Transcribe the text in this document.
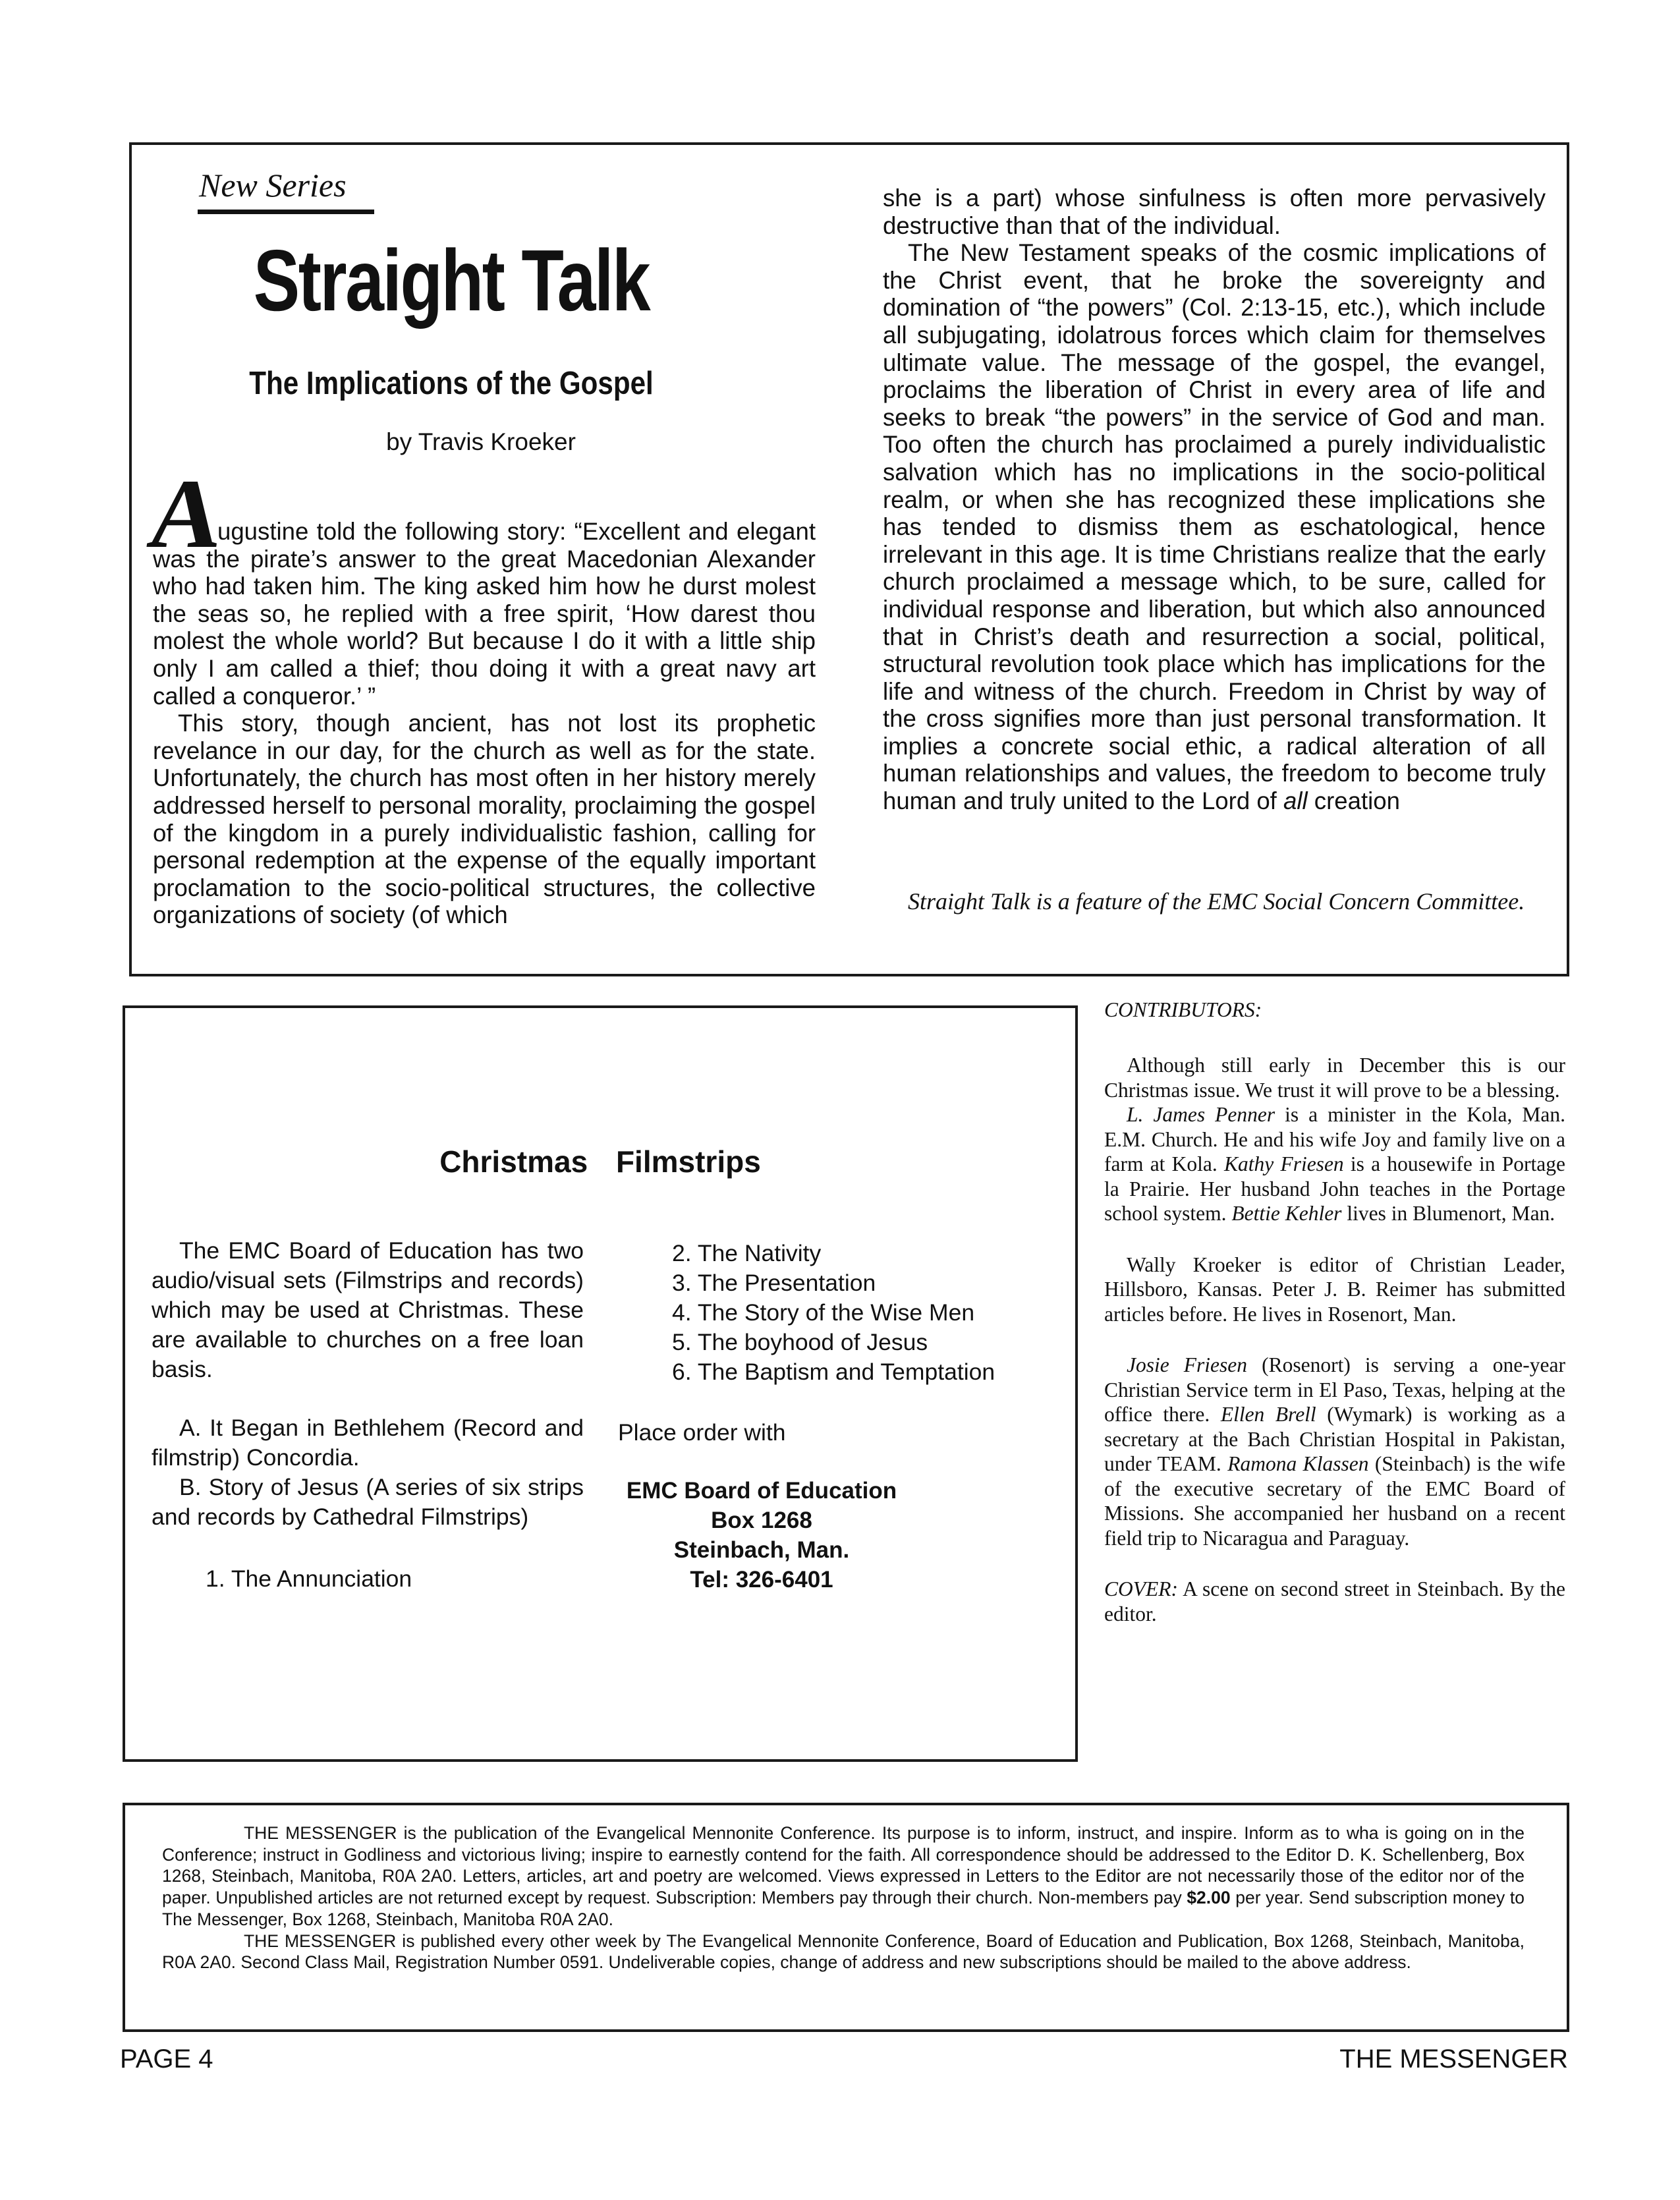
New Series
Straight Talk
The Implications of the Gospel
by Travis Kroeker
A

ugustine told the following story: “Excellent and elegant was the pirate’s answer to the great Macedonian Alexander who had taken him. The king asked him how he durst molest the seas so, he replied with a free spirit, ‘How darest thou molest the whole world? But because I do it with a little ship only I am called a thief; thou doing it with a great navy art called a conqueror.’ ”

This story, though ancient, has not lost its prophetic revelance in our day, for the church as well as for the state. Unfortunately, the church has most often in her history merely addressed herself to personal morality, proclaiming the gospel of the kingdom in a purely individualistic fashion, calling for personal redemption at the expense of the equally important proclamation to the socio-political structures, the collective organizations of society (of which

she is a part) whose sinfulness is often more pervasively destructive than that of the individual.

The New Testament speaks of the cosmic implications of the Christ event, that he broke the sovereignty and domination of “the powers” (Col. 2:13-15, etc.), which include all subjugating, idolatrous forces which claim for themselves ultimate value. The message of the gospel, the evangel, proclaims the liberation of Christ in every area of life and seeks to break “the powers” in the service of God and man. Too often the church has proclaimed a purely individualistic salvation which has no implications in the socio-political realm, or when she has recognized these implications she has tended to dismiss them as eschatological, hence irrelevant in this age. It is time Christians realize that the early church proclaimed a message which, to be sure, called for individual response and liberation, but which also announced that in Christ’s death and resurrection a social, political, structural revolution took place which has implications for the life and witness of the church. Freedom in Christ by way of the cross signifies more than just personal transformation. It implies a concrete social ethic, a radical alteration of all human relationships and values, the freedom to become truly human and truly united to the Lord of all creation

Straight Talk is a feature of the EMC Social Concern Committee.
Christmas Filmstrips

The EMC Board of Education has two audio/visual sets (Filmstrips and records) which may be used at Christmas. These are available to churches on a free loan basis.

A. It Began in Bethlehem (Record and filmstrip) Concordia.

B. Story of Jesus (A series of six strips and records by Cathedral Filmstrips)

1. The Annunciation
2. The Nativity
3. The Presentation
4. The Story of the Wise Men
5. The boyhood of Jesus
6. The Baptism and Temptation
Place order with
EMC Board of Education
Box 1268
Steinbach, Man.
Tel: 326-6401
CONTRIBUTORS:

Although still early in December this is our Christmas issue. We trust it will prove to be a blessing.

L. James Penner is a minister in the Kola, Man. E.M. Church. He and his wife Joy and family live on a farm at Kola. Kathy Friesen is a housewife in Portage la Prairie. Her husband John teaches in the Portage school system. Bettie Kehler lives in Blumenort, Man.

Wally Kroeker is editor of Christian Leader, Hillsboro, Kansas. Peter J. B. Reimer has submitted articles before. He lives in Rosenort, Man.

Josie Friesen (Rosenort) is serving a one-year Christian Service term in El Paso, Texas, helping at the office there. Ellen Brell (Wymark) is working as a secretary at the Bach Christian Hospital in Pakistan, under TEAM. Ramona Klassen (Steinbach) is the wife of the executive secretary of the EMC Board of Missions. She accompanied her husband on a recent field trip to Nicaragua and Paraguay.

COVER: A scene on second street in Steinbach. By the editor.

THE MESSENGER is the publication of the Evangelical Mennonite Conference. Its purpose is to inform, instruct, and inspire. Inform as to wha is going on in the Conference; instruct in Godliness and victorious living; inspire to earnestly contend for the faith. All correspondence should be addressed to the Editor D. K. Schellenberg, Box 1268, Steinbach, Manitoba, R0A 2A0. Letters, articles, art and poetry are welcomed. Views expressed in Letters to the Editor are not necessarily those of the editor nor of the paper. Unpublished articles are not returned except by request. Subscription: Members pay through their church. Non-members pay $2.00 per year. Send subscription money to The Messenger, Box 1268, Steinbach, Manitoba R0A 2A0.

THE MESSENGER is published every other week by The Evangelical Mennonite Conference, Board of Education and Publication, Box 1268, Steinbach, Manitoba, R0A 2A0. Second Class Mail, Registration Number 0591. Undeliverable copies, change of address and new subscriptions should be mailed to the above address.

PAGE 4	THE MESSENGER
